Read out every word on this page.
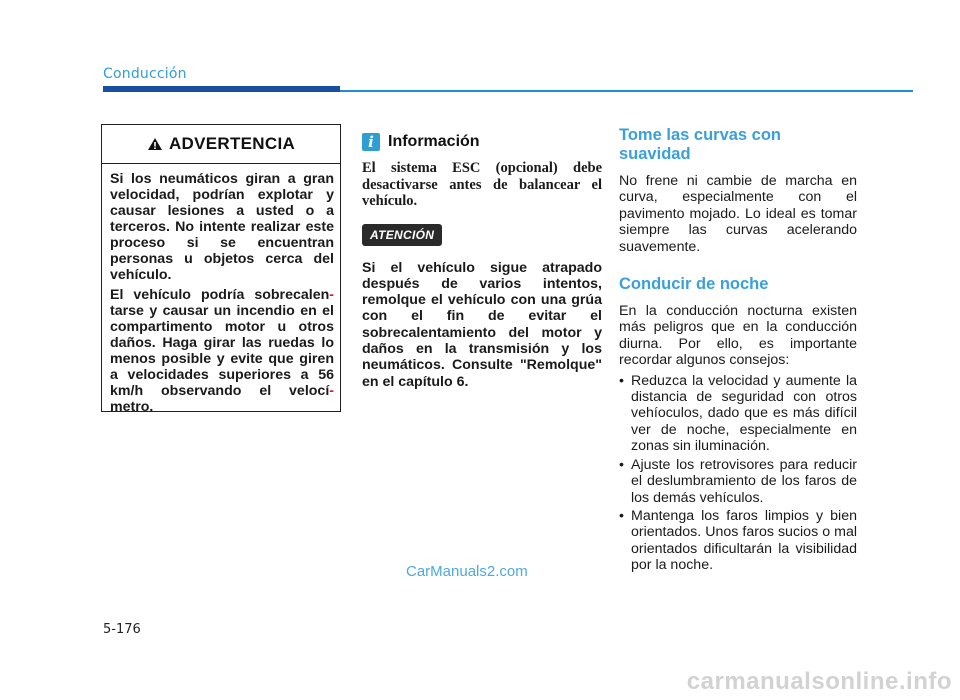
Conducción
ADVERTENCIA

Si los neumáticos giran a gran velocidad, podrían explotar y causar lesiones a usted o a terceros. No intente realizar este proceso si se encuentran personas u objetos cerca del vehículo.

El vehículo podría sobrecalen-tarse y causar un incendio en el compartimento motor u otros daños. Haga girar las ruedas lo menos posible y evite que giren a velocidades superiores a 56 km/h observando el velocí-metro.

i Información
El sistema ESC (opcional) debe desactivarse antes de balancear el vehículo.
ATENCIÓN
Si el vehículo sigue atrapado después de varios intentos, remolque el vehículo con una grúa con el fin de evitar el sobrecalentamiento del motor y daños en la transmisión y los neumáticos. Consulte "Remolque" en el capítulo 6.
Tome las curvas con suavidad
No frene ni cambie de marcha en curva, especialmente con el pavimento mojado. Lo ideal es tomar siempre las curvas acelerando suavemente.
Conducir de noche
En la conducción nocturna existen más peligros que en la conducción diurna. Por ello, es importante recordar algunos consejos:
• Reduzca la velocidad y aumente la distancia de seguridad con otros vehíoculos, dado que es más difícil ver de noche, especialmente en zonas sin iluminación.
• Ajuste los retrovisores para reducir el deslumbramiento de los faros de los demás vehículos.
• Mantenga los faros limpios y bien orientados. Unos faros sucios o mal orientados dificultarán la visibilidad por la noche.
CarManuals2.com
5-176
carmanualsonline.info
